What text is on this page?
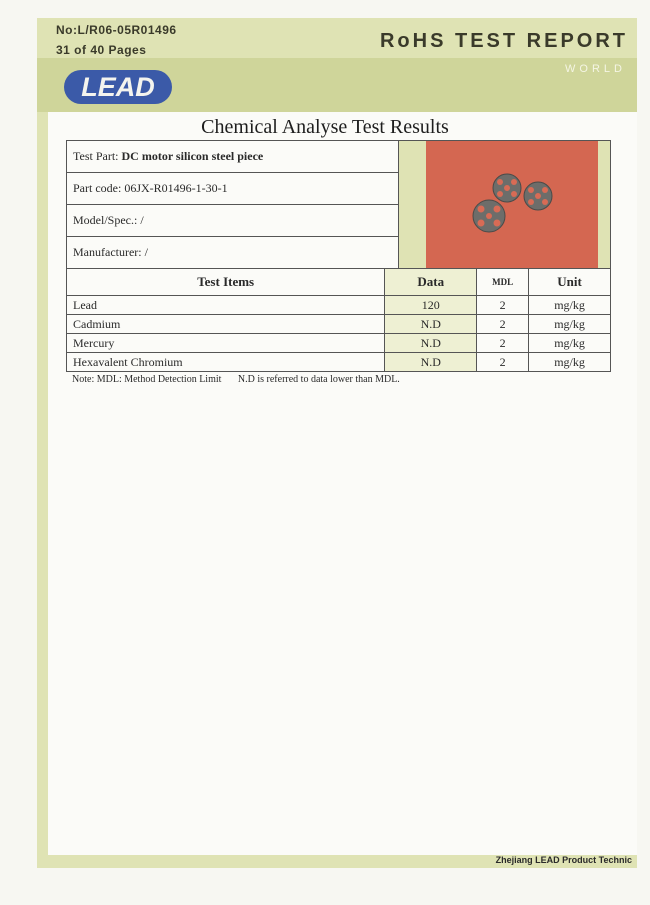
No:L/R06-05R01496
31 of 40 Pages	RoHS TEST REPORT
WORLD
LEAD
Chemical Analyse Test Results
Test Part: DC motor silicon steel piece	

Part code: 06JX-R01496-1-30-1
Model/Spec.: /
Manufacturer: /
Test Items	Data	MDL	Unit
Lead	120	2	mg/kg
Cadmium	N.D	2	mg/kg
Mercury	N.D	2	mg/kg
Hexavalent Chromium	N.D	2	mg/kg
Note: MDL: Method Detection Limit N.D is referred to data lower than MDL.
Zhejiang LEAD Product Technic
